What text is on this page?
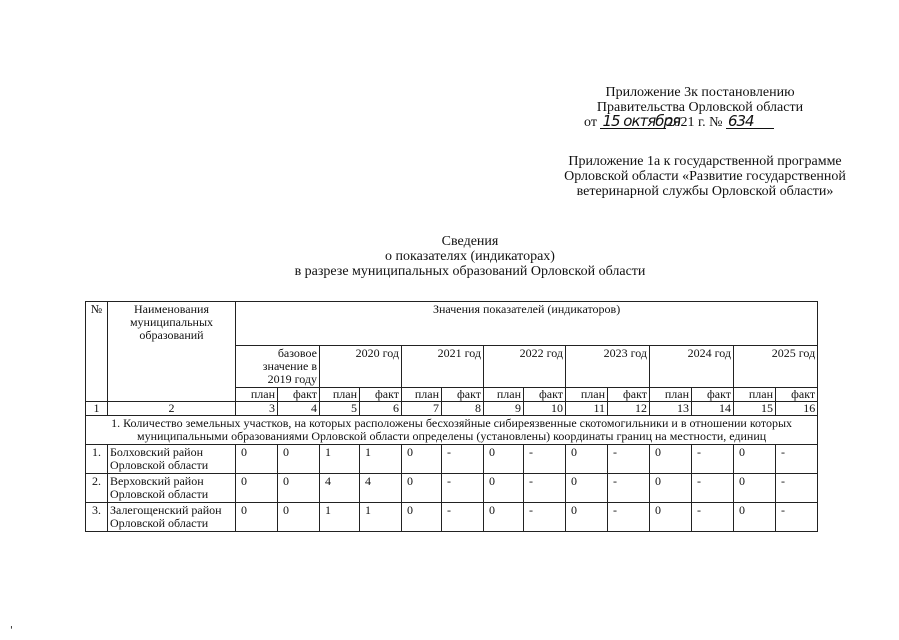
Приложение 3к постановлению
Правительства Орловской области
от 15 октября2021 г. № 634
Приложение 1а к государственной программе
Орловской области «Развитие государственной
ветеринарной службы Орловской области»
Сведения
о показателях (индикаторах)
в разрезе муниципальных образований Орловской области
№	Наименования муниципальных образований	Значения показателей (индикаторов)													
		базовое значение в 2019 году		2020 год		2021 год		2022 год		2023 год		2024 год		2025 год	
		план	факт	план	факт	план	факт	план	факт	план	факт	план	факт	план	факт
1	2	3	4	5	6	7	8	9	10	11	12	13	14	15	16
1. Количество земельных участков, на которых расположены бесхозяйные сибиреязвенные скотомогильники и в отношении которых муниципальными образованиями Орловской области определены (установлены) координаты границ на местности, единиц															
1.	Болховский район Орловской области	0	0	1	1	0	-	0	-	0	-	0	-	0	-
2.	Верховский район Орловской области	0	0	4	4	0	-	0	-	0	-	0	-	0	-
3.	Залегощенский район Орловской области	0	0	1	1	0	-	0	-	0	-	0	-	0	-
'
